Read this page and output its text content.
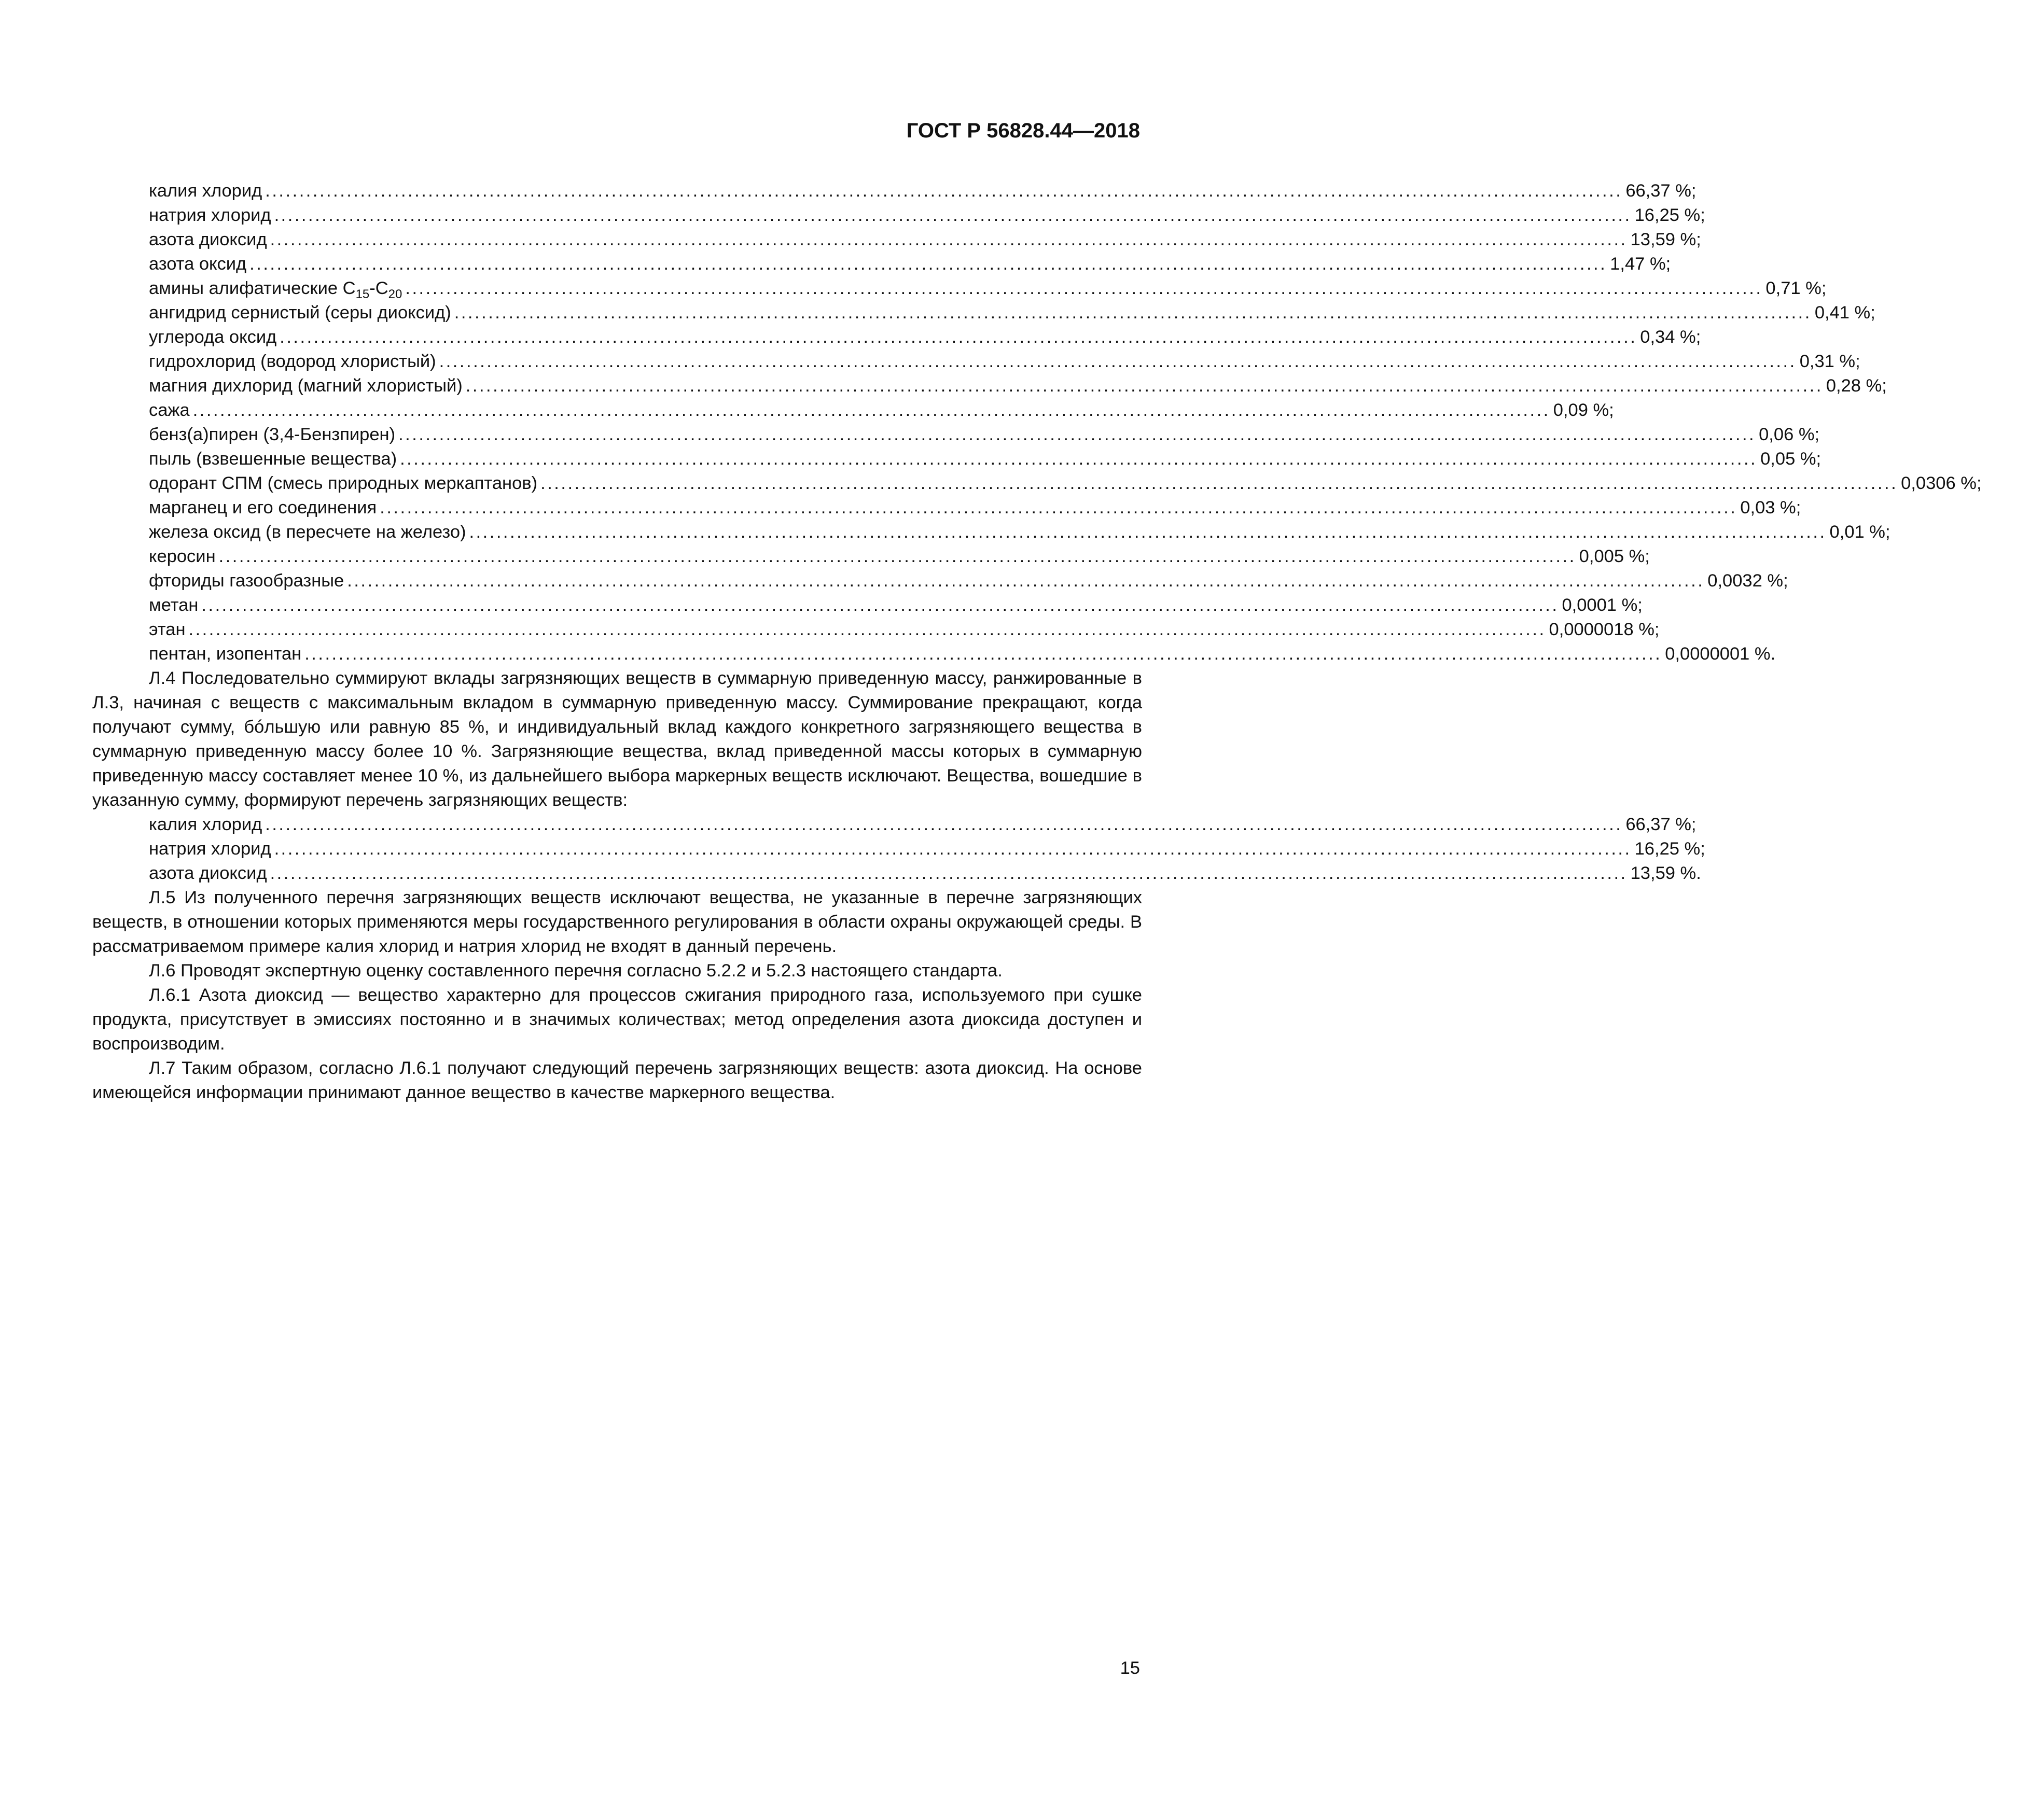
ГОСТ Р 56828.44—2018
калия хлорид ........................................................................................................................................................................................................ 66,37 %;
натрия хлорид ........................................................................................................................................................................................................ 16,25 %;
азота диоксид ........................................................................................................................................................................................................ 13,59 %;
азота оксид ........................................................................................................................................................................................................ 1,47 %;
амины алифатические $С_{15}-С_{20}$ ........................................................................................................................................................................................................ 0,71 %;
ангидрид сернистый (серы диоксид) ........................................................................................................................................................................................................ 0,41 %;
углерода оксид ........................................................................................................................................................................................................ 0,34 %;
гидрохлорид (водород хлористый) ........................................................................................................................................................................................................ 0,31 %;
магния дихлорид (магний хлористый) ........................................................................................................................................................................................................ 0,28 %;
сажа ........................................................................................................................................................................................................ 0,09 %;
бенз(а)пирен (3,4-Бензпирен) ........................................................................................................................................................................................................ 0,06 %;
пыль (взвешенные вещества) ........................................................................................................................................................................................................ 0,05 %;
одорант СПМ (смесь природных меркаптанов) ........................................................................................................................................................................................................ 0,0306 %;
марганец и его соединения ........................................................................................................................................................................................................ 0,03 %;
железа оксид (в пересчете на железо) ........................................................................................................................................................................................................ 0,01 %;
керосин ........................................................................................................................................................................................................ 0,005 %;
фториды газообразные ........................................................................................................................................................................................................ 0,0032 %;
метан ........................................................................................................................................................................................................ 0,0001 %;
этан ........................................................................................................................................................................................................ 0,0000018 %;
пентан, изопентан ........................................................................................................................................................................................................ 0,0000001 %.

Л.4 Последовательно суммируют вклады загрязняющих веществ в суммарную приведенную массу, ранжированные в Л.3, начиная с веществ с максимальным вкладом в суммарную приведенную массу. Суммирование прекращают, когда получают сумму, бóльшую или равную 85 %, и индивидуальный вклад каждого конкретного загрязняющего вещества в суммарную приведенную массу более 10 %. Загрязняющие вещества, вклад приведенной массы которых в суммарную приведенную массу составляет менее 10 %, из дальнейшего выбора маркерных веществ исключают. Вещества, вошедшие в указанную сумму, формируют перечень загрязняющих веществ:

калия хлорид ........................................................................................................................................................................................................ 66,37 %;
натрия хлорид ........................................................................................................................................................................................................ 16,25 %;
азота диоксид ........................................................................................................................................................................................................ 13,59 %.

Л.5 Из полученного перечня загрязняющих веществ исключают вещества, не указанные в перечне загрязняющих веществ, в отношении которых применяются меры государственного регулирования в области охраны окружающей среды. В рассматриваемом примере калия хлорид и натрия хлорид не входят в данный перечень.

Л.6 Проводят экспертную оценку составленного перечня согласно 5.2.2 и 5.2.3 настоящего стандарта.

Л.6.1 Азота диоксид — вещество характерно для процессов сжигания природного газа, используемого при сушке продукта, присутствует в эмиссиях постоянно и в значимых количествах; метод определения азота диоксида доступен и воспроизводим.

Л.7 Таким образом, согласно Л.6.1 получают следующий перечень загрязняющих веществ: азота диоксид. На основе имеющейся информации принимают данное вещество в качестве маркерного вещества.

15
